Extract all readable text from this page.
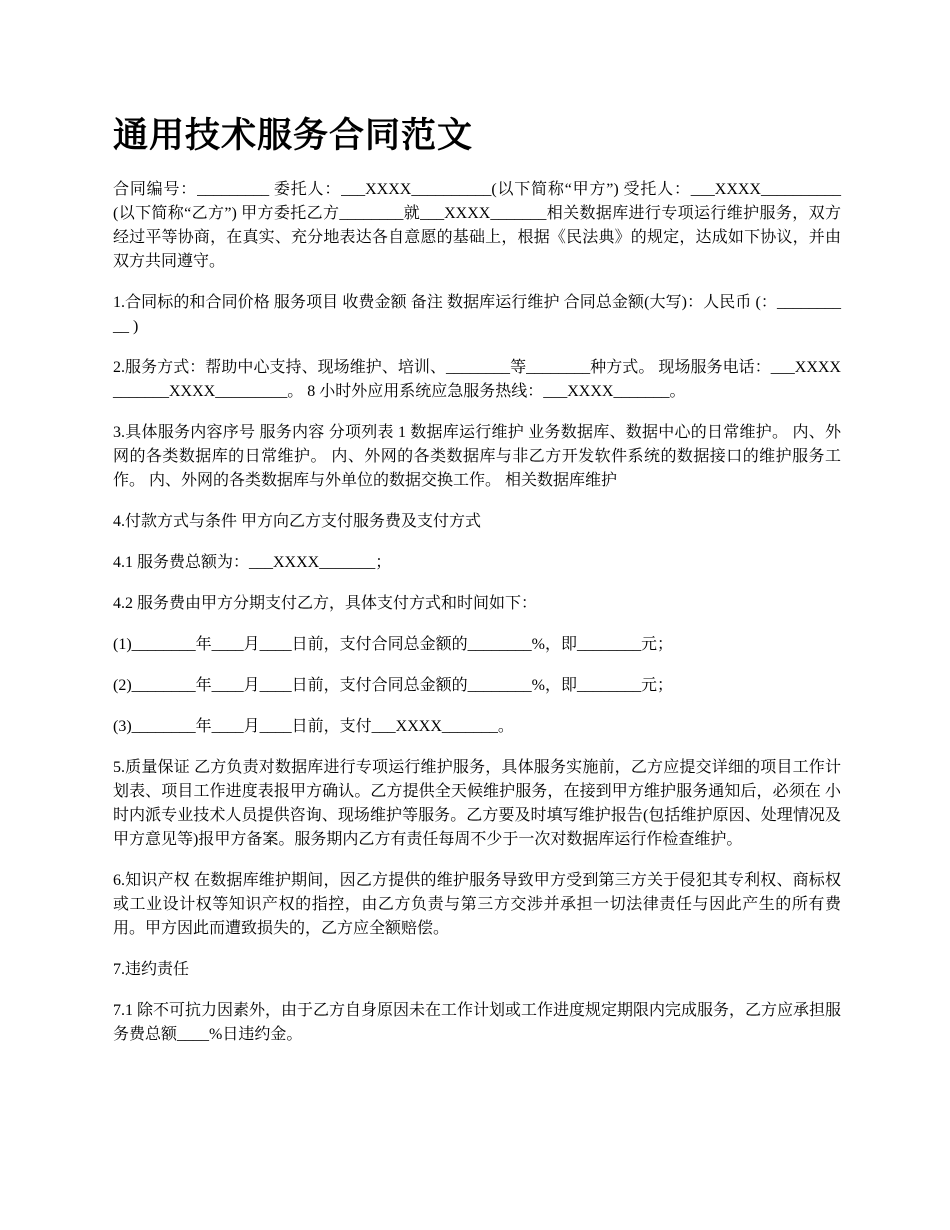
通用技术服务合同范文

合同编号：_________ 委托人：___XXXX__________(以下简称“甲方”) 受托人：___XXXX__________(以下简称“乙方”) 甲方委托乙方________就___XXXX_______相关数据库进行专项运行维护服务，双方经过平等协商，在真实、充分地表达各自意愿的基础上，根据《民法典》的规定，达成如下协议，并由双方共同遵守。

1.合同标的和合同价格 服务项目 收费金额 备注 数据库运行维护 合同总金额(大写)：人民币 (：__________ )

2.服务方式：帮助中心支持、现场维护、培训、________等________种方式。 现场服务电话：___XXXX_______XXXX_________。 8 小时外应用系统应急服务热线：___XXXX_______。

3.具体服务内容序号 服务内容 分项列表 1 数据库运行维护 业务数据库、数据中心的日常维护。 内、外网的各类数据库的日常维护。 内、外网的各类数据库与非乙方开发软件系统的数据接口的维护服务工作。 内、外网的各类数据库与外单位的数据交换工作。 相关数据库维护

4.付款方式与条件 甲方向乙方支付服务费及支付方式

4.1 服务费总额为：___XXXX_______；

4.2 服务费由甲方分期支付乙方，具体支付方式和时间如下：

(1)________年____月____日前，支付合同总金额的________%，即________元；

(2)________年____月____日前，支付合同总金额的________%，即________元；

(3)________年____月____日前，支付___XXXX_______。

5.质量保证 乙方负责对数据库进行专项运行维护服务，具体服务实施前，乙方应提交详细的项目工作计划表、项目工作进度表报甲方确认。乙方提供全天候维护服务，在接到甲方维护服务通知后，必须在 小时内派专业技术人员提供咨询、现场维护等服务。乙方要及时填写维护报告(包括维护原因、处理情况及甲方意见等)报甲方备案。服务期内乙方有责任每周不少于一次对数据库运行作检查维护。

6.知识产权 在数据库维护期间，因乙方提供的维护服务导致甲方受到第三方关于侵犯其专利权、商标权或工业设计权等知识产权的指控，由乙方负责与第三方交涉并承担一切法律责任与因此产生的所有费用。甲方因此而遭致损失的，乙方应全额赔偿。

7.违约责任

7.1 除不可抗力因素外，由于乙方自身原因未在工作计划或工作进度规定期限内完成服务，乙方应承担服务费总额____%日违约金。
